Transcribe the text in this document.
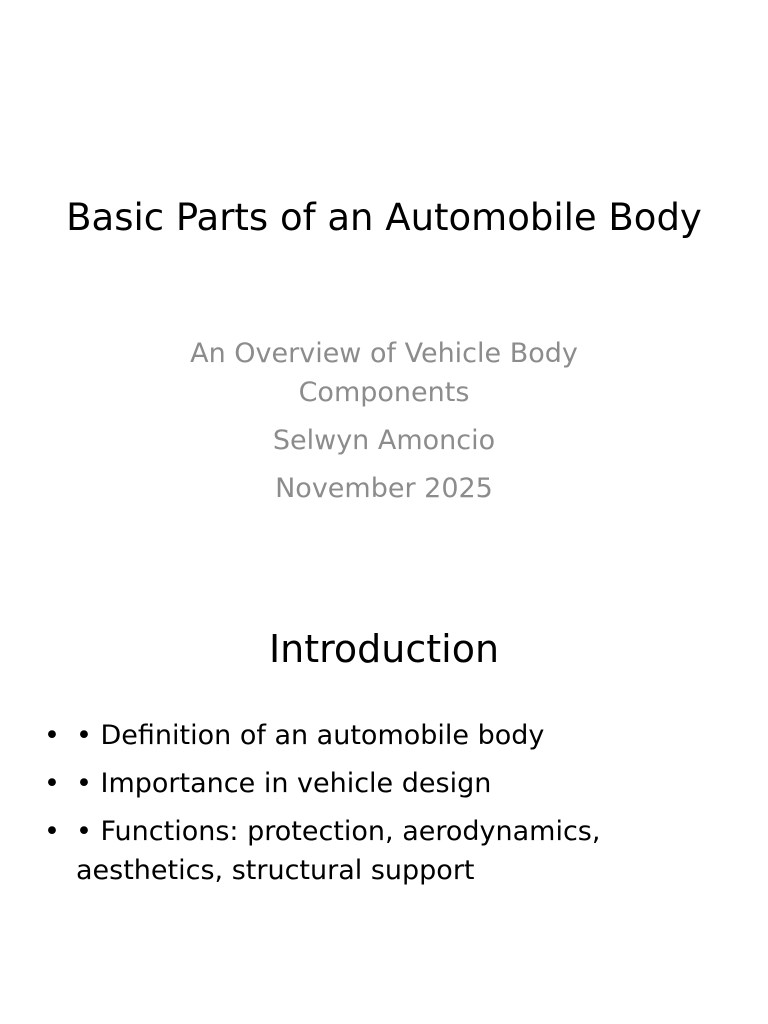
Basic Parts of an Automobile Body

An Overview of Vehicle Body Components

Selwyn Amoncio

November 2025

Introduction
• • Definition of an automobile body
• • Importance in vehicle design
• • Functions: protection, aerodynamics, aesthetics, structural support
